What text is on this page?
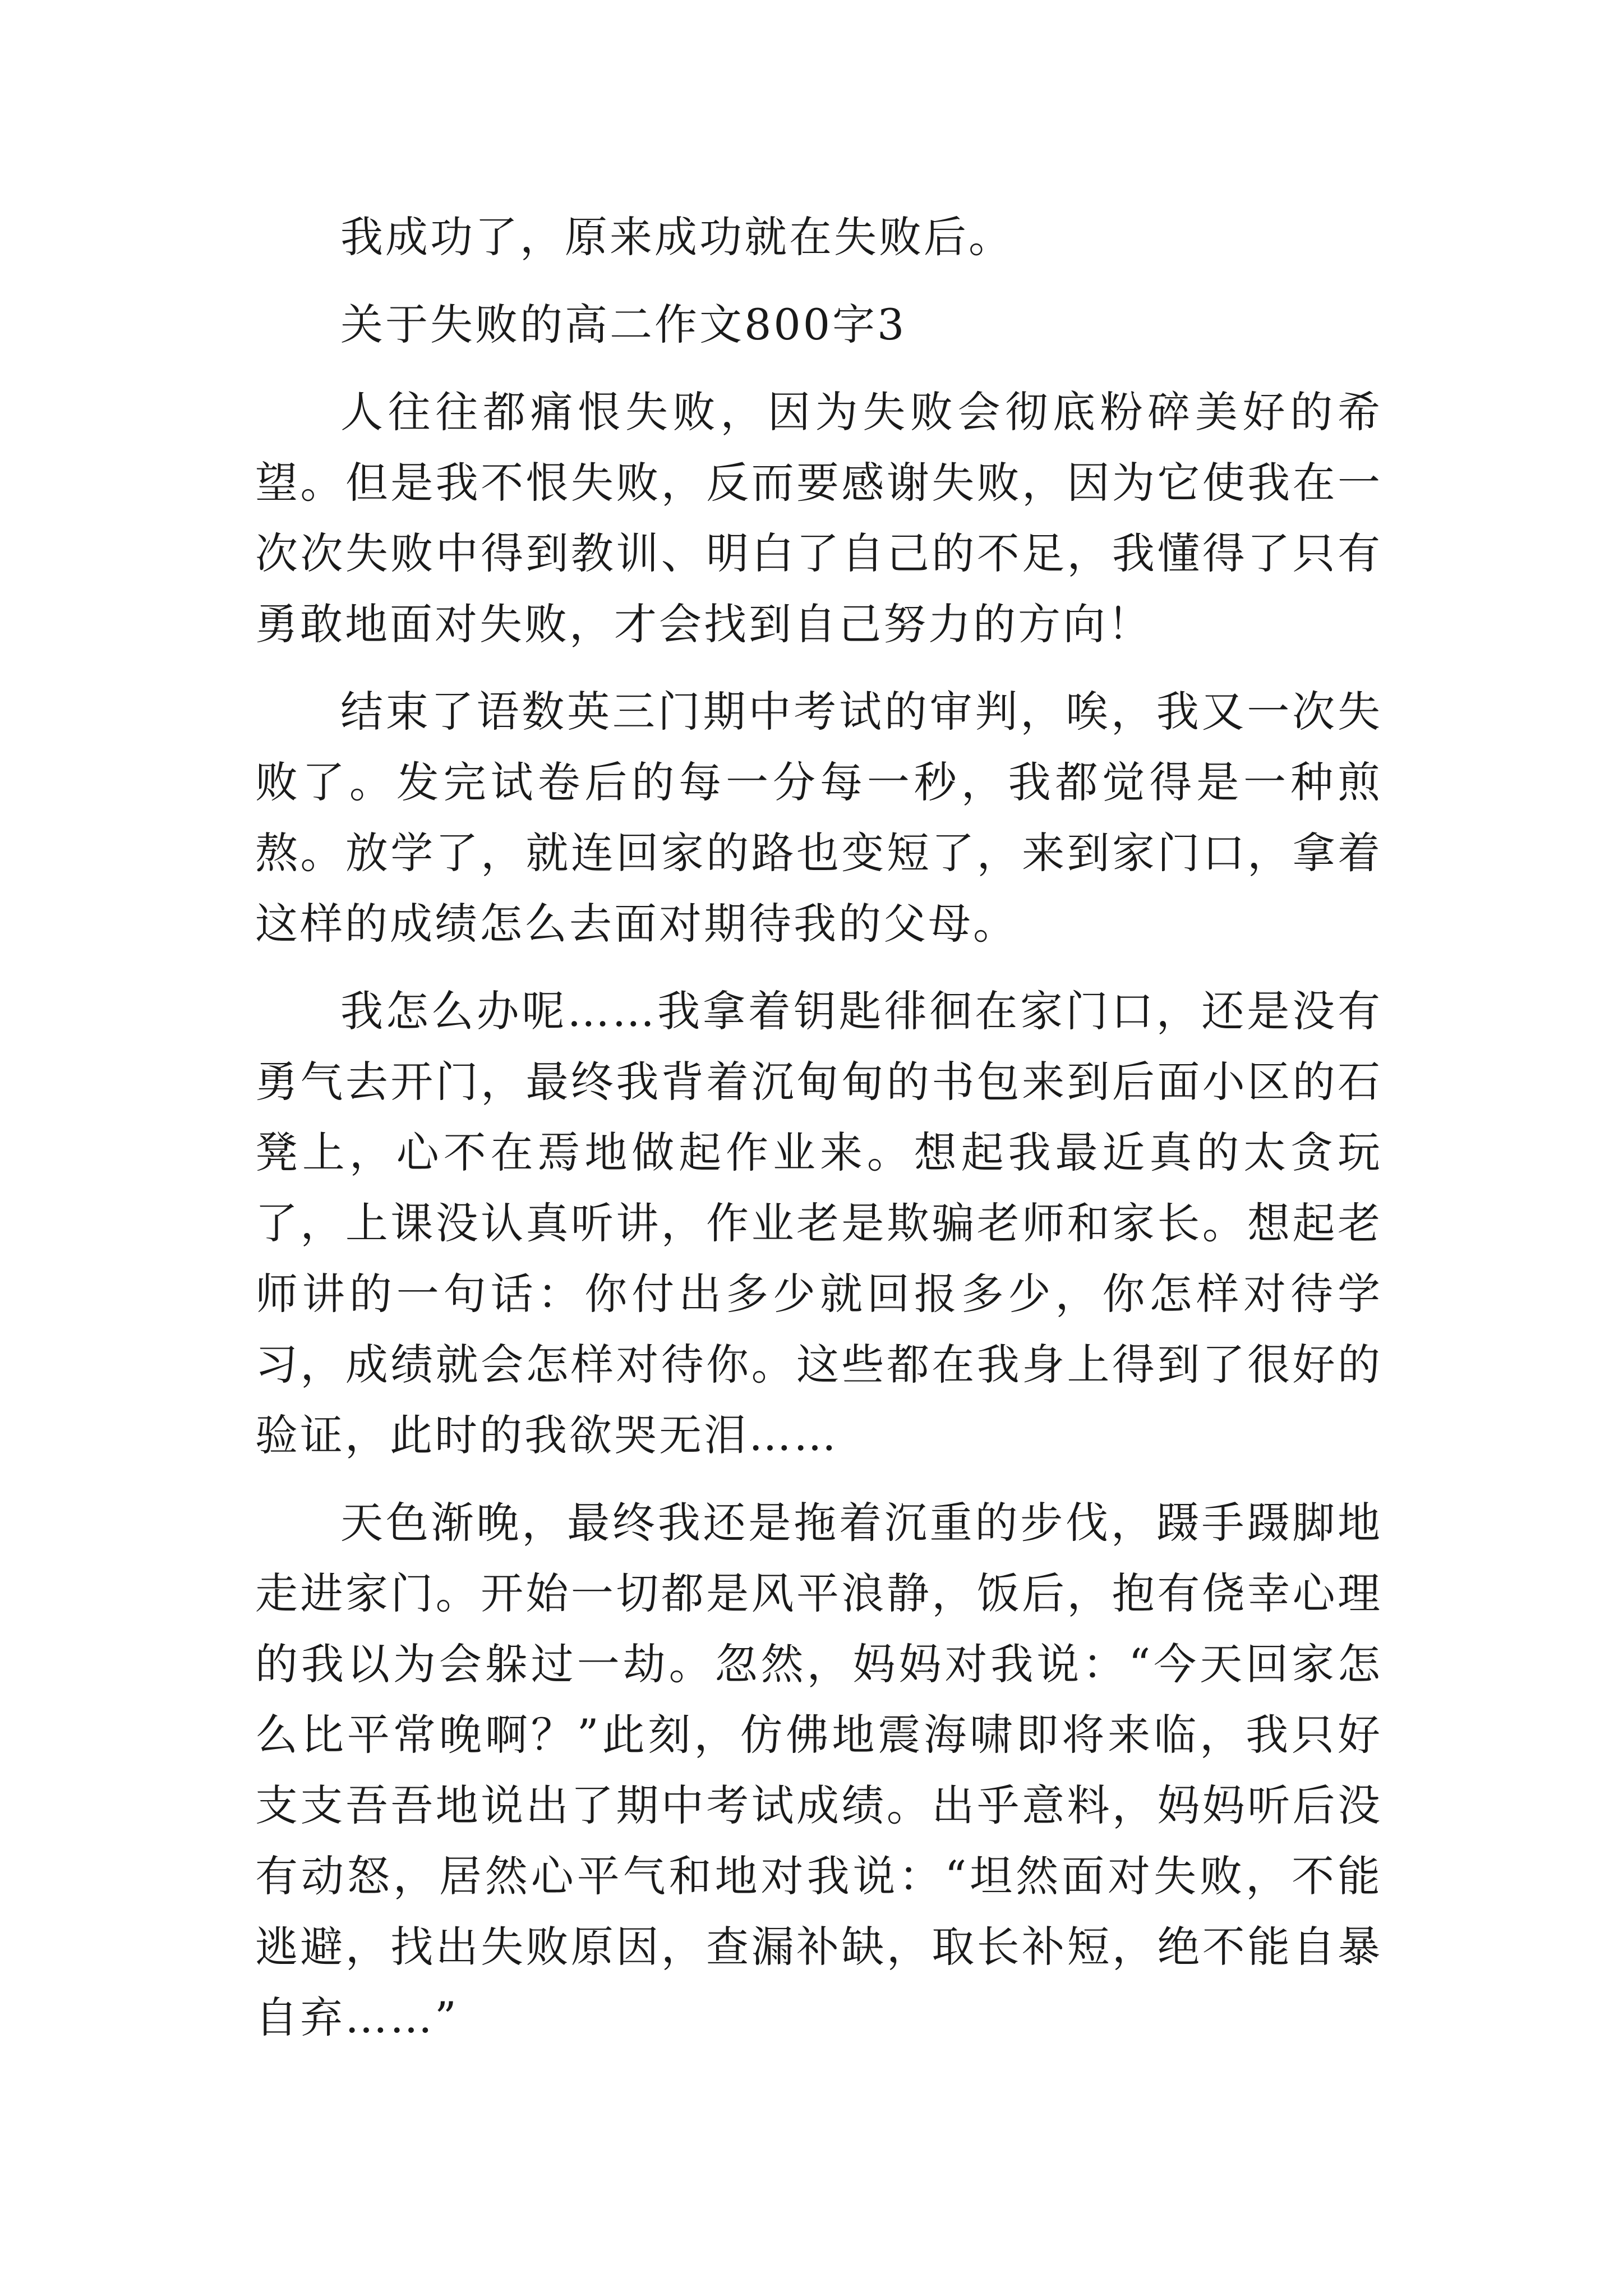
我成功了，原来成功就在失败后。

关于失败的高二作文800字3

人往往都痛恨失败，因为失败会彻底粉碎美好的希望。但是我不恨失败，反而要感谢失败，因为它使我在一次次失败中得到教训、明白了自己的不足，我懂得了只有勇敢地面对失败，才会找到自己努力的方向！

结束了语数英三门期中考试的审判，唉，我又一次失败了。发完试卷后的每一分每一秒，我都觉得是一种煎熬。放学了，就连回家的路也变短了，来到家门口，拿着这样的成绩怎么去面对期待我的父母。

我怎么办呢……我拿着钥匙徘徊在家门口，还是没有勇气去开门，最终我背着沉甸甸的书包来到后面小区的石凳上，心不在焉地做起作业来。想起我最近真的太贪玩了，上课没认真听讲，作业老是欺骗老师和家长。想起老师讲的一句话：你付出多少就回报多少，你怎样对待学习，成绩就会怎样对待你。这些都在我身上得到了很好的验证，此时的我欲哭无泪……

天色渐晚，最终我还是拖着沉重的步伐，蹑手蹑脚地走进家门。开始一切都是风平浪静，饭后，抱有侥幸心理的我以为会躲过一劫。忽然，妈妈对我说：“今天回家怎么比平常晚啊？”此刻，仿佛地震海啸即将来临，我只好支支吾吾地说出了期中考试成绩。出乎意料，妈妈听后没有动怒，居然心平气和地对我说：“坦然面对失败，不能逃避，找出失败原因，查漏补缺，取长补短，绝不能自暴自弃……”
